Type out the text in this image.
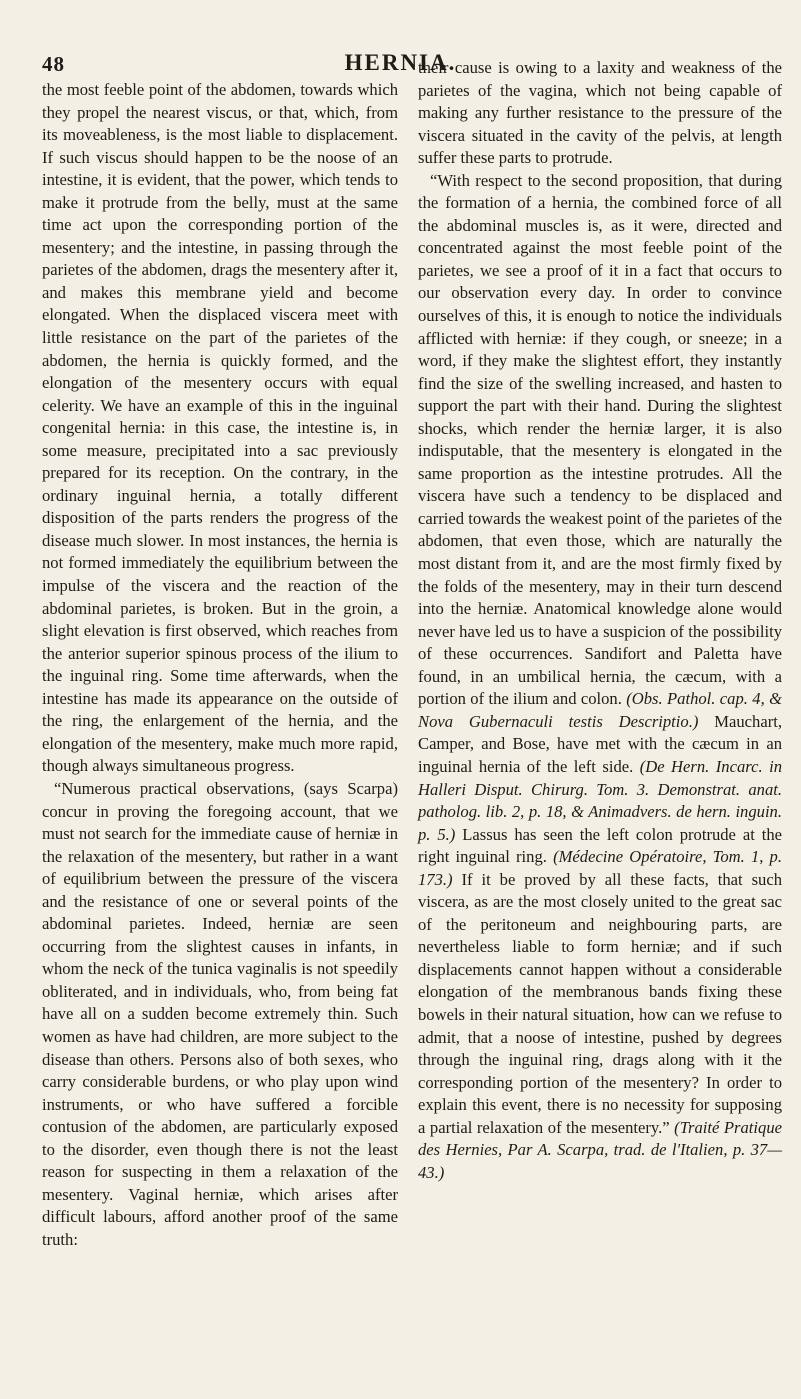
48	HERNIA.

the most feeble point of the abdomen, towards which they propel the nearest viscus, or that, which, from its moveableness, is the most liable to displacement. If such viscus should happen to be the noose of an intestine, it is evident, that the power, which tends to make it protrude from the belly, must at the same time act upon the corresponding portion of the mesentery; and the intestine, in passing through the parietes of the abdomen, drags the mesentery after it, and makes this membrane yield and become elongated. When the displaced viscera meet with little resistance on the part of the parietes of the abdomen, the hernia is quickly formed, and the elongation of the mesentery occurs with equal celerity. We have an example of this in the inguinal congenital hernia: in this case, the intestine is, in some measure, precipitated into a sac previously prepared for its reception. On the contrary, in the ordinary inguinal hernia, a totally different disposition of the parts renders the progress of the disease much slower. In most instances, the hernia is not formed immediately the equilibrium between the impulse of the viscera and the reaction of the abdominal parietes, is broken. But in the groin, a slight elevation is first observed, which reaches from the anterior superior spinous process of the ilium to the inguinal ring. Some time afterwards, when the intestine has made its appearance on the outside of the ring, the enlargement of the hernia, and the elongation of the mesentery, make much more rapid, though always simultaneous progress.

“Numerous practical observations, (says Scarpa) concur in proving the foregoing account, that we must not search for the immediate cause of herniæ in the relaxation of the mesentery, but rather in a want of equilibrium between the pressure of the viscera and the resistance of one or several points of the abdominal parietes. Indeed, herniæ are seen occurring from the slightest causes in infants, in whom the neck of the tunica vaginalis is not speedily obliterated, and in individuals, who, from being fat have all on a sudden become extremely thin. Such women as have had children, are more subject to the disease than others. Persons also of both sexes, who carry considerable burdens, or who play upon wind instruments, or who have suffered a forcible contusion of the abdomen, are particularly exposed to the disorder, even though there is not the least reason for suspecting in them a relaxation of the mesentery. Vaginal herniæ, which arises after difficult labours, afford another proof of the same truth:

their cause is owing to a laxity and weakness of the parietes of the vagina, which not being capable of making any further resistance to the pressure of the viscera situated in the cavity of the pelvis, at length suffer these parts to protrude.

“With respect to the second proposition, that during the formation of a hernia, the combined force of all the abdominal muscles is, as it were, directed and concentrated against the most feeble point of the parietes, we see a proof of it in a fact that occurs to our observation every day. In order to convince ourselves of this, it is enough to notice the individuals afflicted with herniæ: if they cough, or sneeze; in a word, if they make the slightest effort, they instantly find the size of the swelling increased, and hasten to support the part with their hand. During the slightest shocks, which render the herniæ larger, it is also indisputable, that the mesentery is elongated in the same proportion as the intestine protrudes. All the viscera have such a tendency to be displaced and carried towards the weakest point of the parietes of the abdomen, that even those, which are naturally the most distant from it, and are the most firmly fixed by the folds of the mesentery, may in their turn descend into the herniæ. Anatomical knowledge alone would never have led us to have a suspicion of the possibility of these occurrences. Sandifort and Paletta have found, in an umbilical hernia, the cæcum, with a portion of the ilium and colon. (Obs. Pathol. cap. 4, & Nova Gubernaculi testis Descriptio.) Mauchart, Camper, and Bose, have met with the cæcum in an inguinal hernia of the left side. (De Hern. Incarc. in Halleri Disput. Chirurg. Tom. 3. Demonstrat. anat. patholog. lib. 2, p. 18, & Animadvers. de hern. inguin. p. 5.) Lassus has seen the left colon protrude at the right inguinal ring. (Médecine Opératoire, Tom. 1, p. 173.) If it be proved by all these facts, that such viscera, as are the most closely united to the great sac of the peritoneum and neighbouring parts, are nevertheless liable to form herniæ; and if such displacements cannot happen without a considerable elongation of the membranous bands fixing these bowels in their natural situation, how can we refuse to admit, that a noose of intestine, pushed by degrees through the inguinal ring, drags along with it the corresponding portion of the mesentery? In order to explain this event, there is no necessity for supposing a partial relaxation of the mesentery.” (Traité Pratique des Hernies, Par A. Scarpa, trad. de l'Italien, p. 37—43.)
